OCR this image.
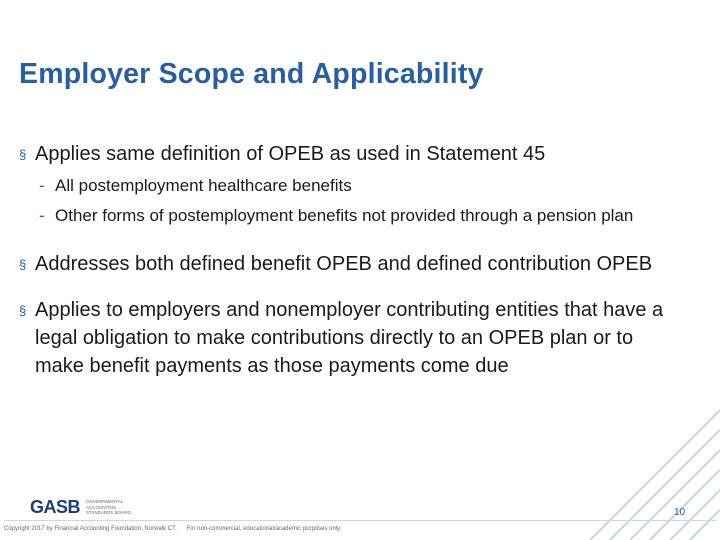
Employer Scope and Applicability

§ Applies same definition of OPEB as used in Statement 45

- All postemployment healthcare benefits

- Other forms of postemployment benefits not provided through a pension plan

§ Addresses both defined benefit OPEB and defined contribution OPEB

§ Applies to employers and nonemployer contributing entities that have a legal obligation to make contributions directly to an OPEB plan or to make benefit payments as those payments come due

GASB GOVERNMENTAL ACCOUNTING STANDARDS BOARD	10
Copyright 2017 by Financial Accounting Foundation, Norwalk CT. For non-commercial, educational/academic purposes only.
